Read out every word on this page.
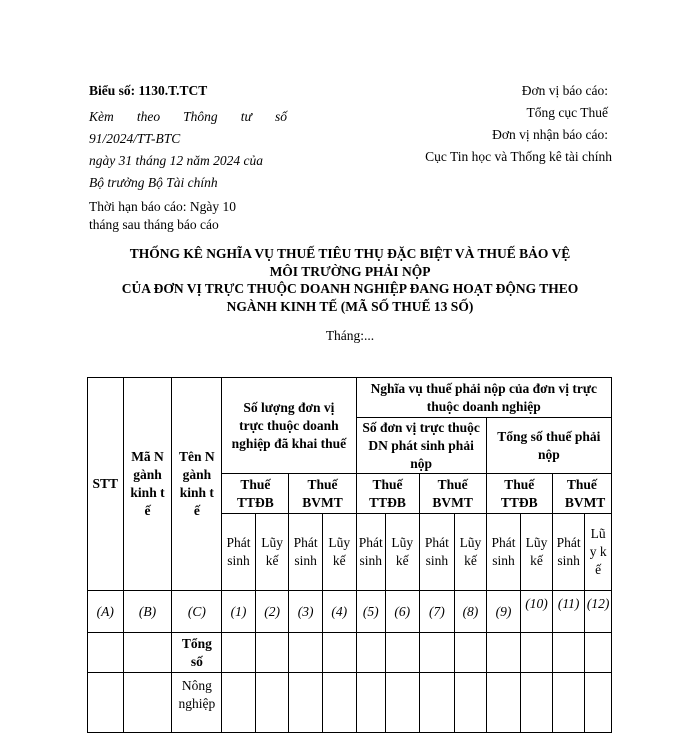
Biểu số: 1130.T.TCT
Kèm theo Thông tư số
91/2024/TT-BTC
ngày 31 tháng 12 năm 2024 của
Bộ trưởng Bộ Tài chính
Thời hạn báo cáo: Ngày 10
tháng sau tháng báo cáo
Đơn vị báo cáo:
Tổng cục Thuế
Đơn vị nhận báo cáo:
Cục Tin học và Thống kê tài chính
THỐNG KÊ NGHĨA VỤ THUẾ TIÊU THỤ ĐẶC BIỆT VÀ THUẾ BẢO VỆ
MÔI TRƯỜNG PHẢI NỘP
CỦA ĐƠN VỊ TRỰC THUỘC DOANH NGHIỆP ĐANG HOẠT ĐỘNG THEO
NGÀNH KINH TẾ (MÃ SỐ THUẾ 13 SỐ)
Tháng:...
STT	Mã Ngành kinh tế	Tên Ngành kinh tế	Số lượng đơn vị trực thuộc doanh nghiệp đã khai thuế				Nghĩa vụ thuế phải nộp của đơn vị trực thuộc doanh nghiệp							
							Số đơn vị trực thuộc DN phát sinh phải nộp				Tổng số thuế phải nộp			
			Thuế TTĐB		Thuế BVMT		Thuế TTĐB		Thuế BVMT		Thuế TTĐB		Thuế BVMT	
			Phát sinh	Lũy kế	Phát sinh	Lũy kế	Phát sinh	Lũy kế	Phát sinh	Lũy kế	Phát sinh	Lũy kế	Phát sinh	Lũy kế
(A)	(B)	(C)	(1)	(2)	(3)	(4)	(5)	(6)	(7)	(8)	(9)	(10)	(11)	(12)
		Tổng số												
		Nông nghiệp												
